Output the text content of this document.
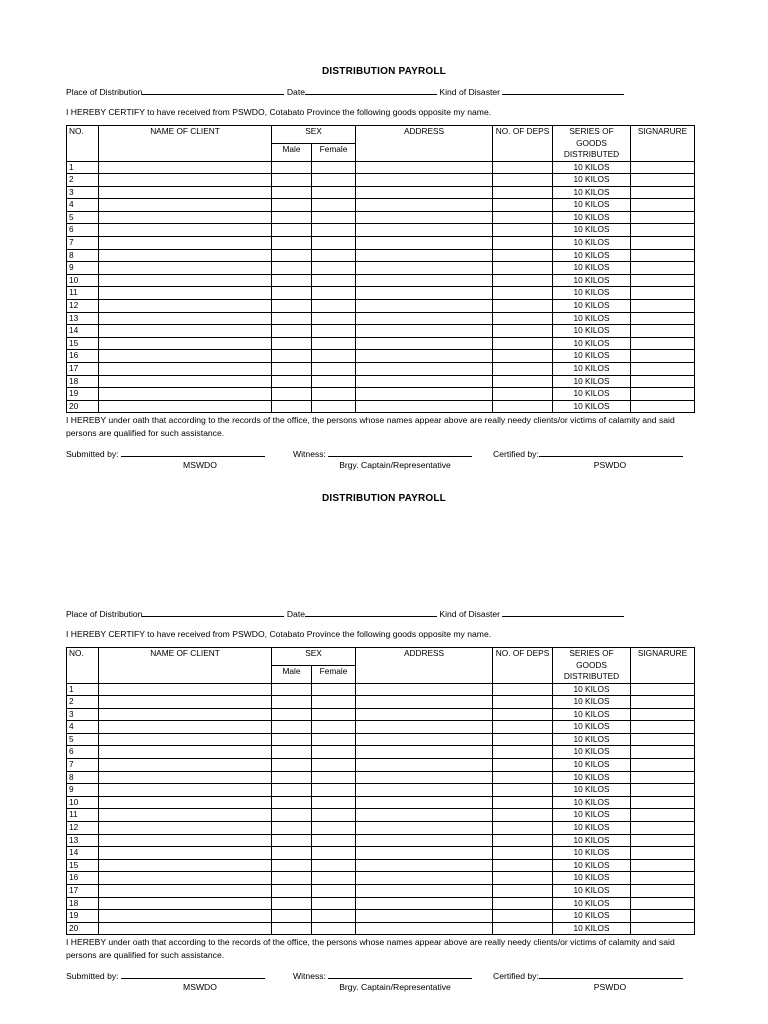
DISTRIBUTION PAYROLL
Place of Distribution	Date	Kind of Disaster
I HEREBY CERTIFY to have received from PSWDO, Cotabato Province the following goods opposite my name.
NO.	NAME OF CLIENT	SEX		ADDRESS	NO. OF DEPS	SERIES OF GOODS DISTRIBUTED	SIGNARURE
		Male	Female				
1						10 KILOS	
2						10 KILOS	
3						10 KILOS	
4						10 KILOS	
5						10 KILOS	
6						10 KILOS	
7						10 KILOS	
8						10 KILOS	
9						10 KILOS	
10						10 KILOS	
11						10 KILOS	
12						10 KILOS	
13						10 KILOS	
14						10 KILOS	
15						10 KILOS	
16						10 KILOS	
17						10 KILOS	
18						10 KILOS	
19						10 KILOS	
20						10 KILOS	
I HEREBY under oath that according to the records of the office, the persons whose names appear above are really needy clients/or victims of calamity and said persons are qualified for such assistance.
Submitted by:
MSWDO
Witness:
Brgy. Captain/Representative
Certified by:
PSWDO
DISTRIBUTION PAYROLL
Place of Distribution	Date	Kind of Disaster
I HEREBY CERTIFY to have received from PSWDO, Cotabato Province the following goods opposite my name.
NO.	NAME OF CLIENT	SEX		ADDRESS	NO. OF DEPS	SERIES OF GOODS DISTRIBUTED	SIGNARURE
		Male	Female				
1						10 KILOS	
2						10 KILOS	
3						10 KILOS	
4						10 KILOS	
5						10 KILOS	
6						10 KILOS	
7						10 KILOS	
8						10 KILOS	
9						10 KILOS	
10						10 KILOS	
11						10 KILOS	
12						10 KILOS	
13						10 KILOS	
14						10 KILOS	
15						10 KILOS	
16						10 KILOS	
17						10 KILOS	
18						10 KILOS	
19						10 KILOS	
20						10 KILOS	
I HEREBY under oath that according to the records of the office, the persons whose names appear above are really needy clients/or victims of calamity and said persons are qualified for such assistance.
Submitted by:
MSWDO
Witness:
Brgy. Captain/Representative
Certified by:
PSWDO
